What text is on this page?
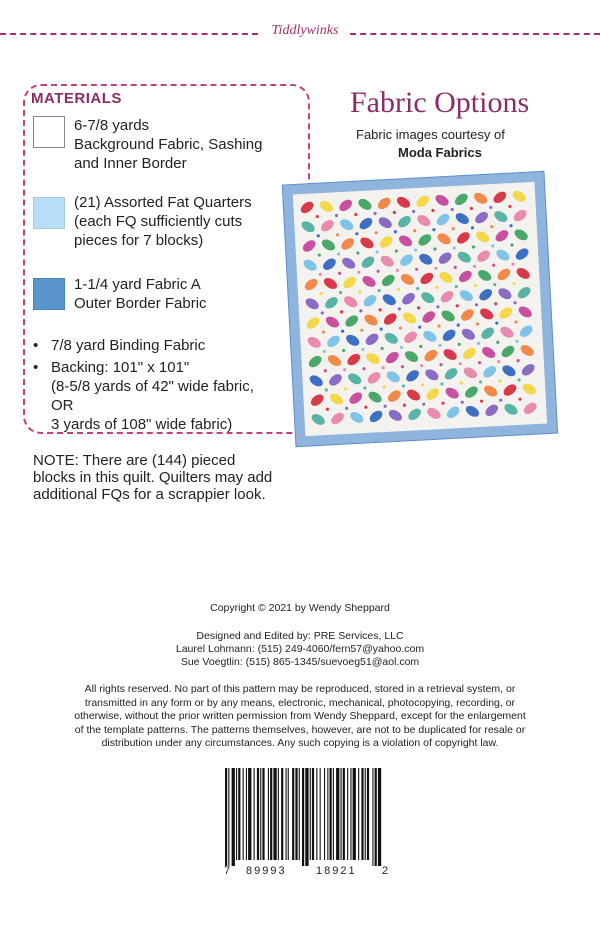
Tiddlywinks
MATERIALS
6-7/8 yards
Background Fabric, Sashing
and Inner Border
(21) Assorted Fat Quarters
(each FQ sufficiently cuts
pieces for 7 blocks)
1-1/4 yard Fabric A
Outer Border Fabric
• 7/8 yard Binding Fabric
• Backing: 101" x 101"
(8-5/8 yards of 42" wide fabric,
OR
3 yards of 108" wide fabric)
NOTE: There are (144) pieced
blocks in this quilt. Quilters may add
additional FQs for a scrappier look.
Fabric Options
Fabric images courtesy of
Moda Fabrics
Copyright © 2021 by Wendy Sheppard
Designed and Edited by: PRE Services, LLC
Laurel Lohmann: (515) 249-4060/fern57@yahoo.com
Sue Voegtlin: (515) 865-1345/suevoeg51@aol.com
All rights reserved. No part of this pattern may be reproduced, stored in a retrieval system, or
transmitted in any form or by any means, electronic, mechanical, photocopying, recording, or
otherwise, without the prior written permission from Wendy Sheppard, except for the enlargement
of the template patterns. The patterns themselves, however, are not to be duplicated for resale or
distribution under any circumstances. Any such copying is a violation of copyright law.
7 89993	18921 2
